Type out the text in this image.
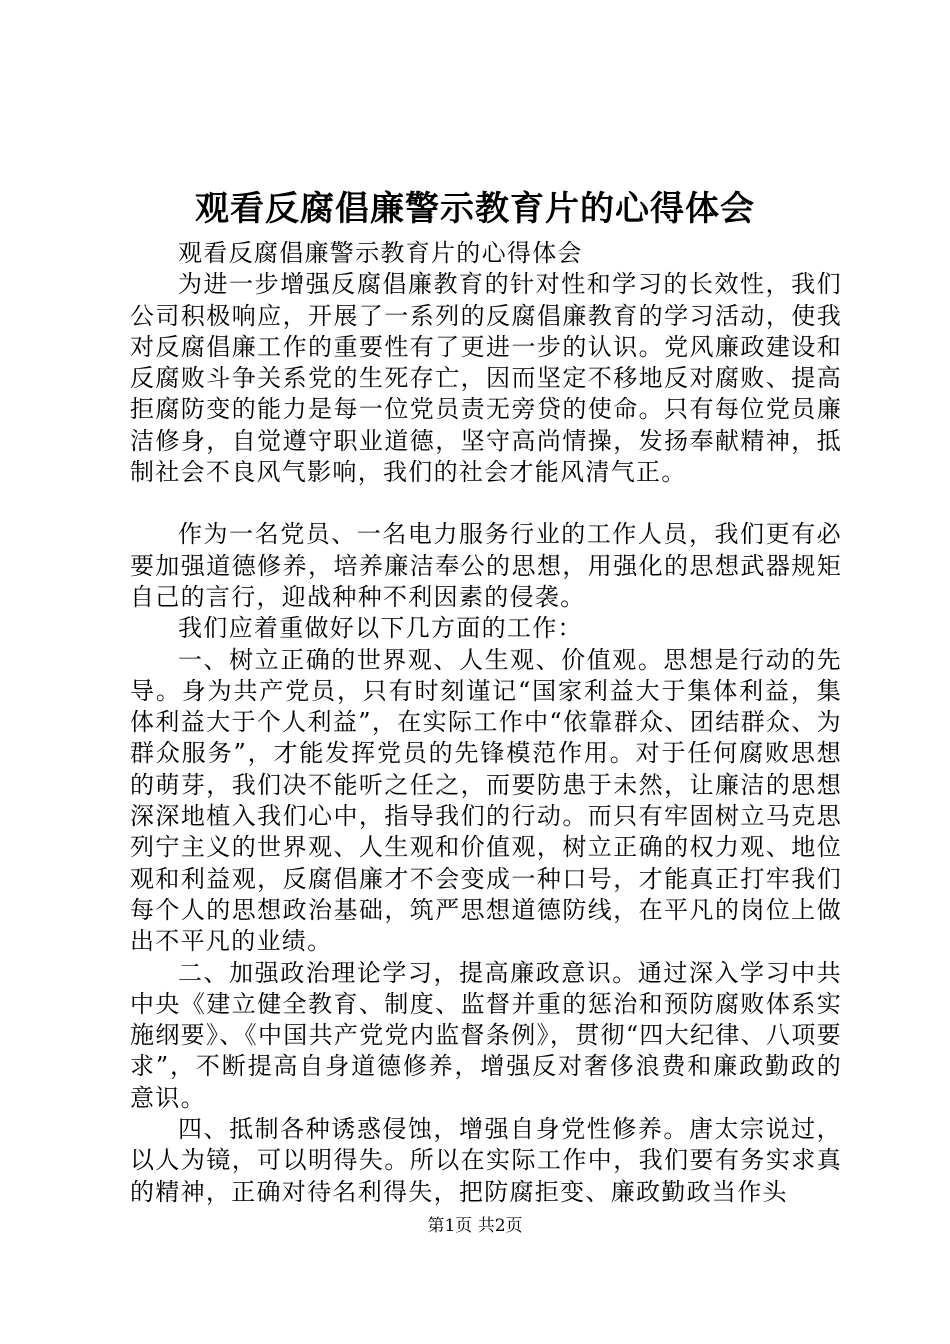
观看反腐倡廉警示教育片的心得体会

观看反腐倡廉警示教育片的心得体会

为进一步增强反腐倡廉教育的针对性和学习的长效性，我们公司积极响应，开展了一系列的反腐倡廉教育的学习活动，使我对反腐倡廉工作的重要性有了更进一步的认识。党风廉政建设和反腐败斗争关系党的生死存亡，因而坚定不移地反对腐败、提高拒腐防变的能力是每一位党员责无旁贷的使命。只有每位党员廉洁修身，自觉遵守职业道德，坚守高尚情操，发扬奉献精神，抵制社会不良风气影响，我们的社会才能风清气正。

作为一名党员、一名电力服务行业的工作人员，我们更有必要加强道德修养，培养廉洁奉公的思想，用强化的思想武器规矩自己的言行，迎战种种不利因素的侵袭。

我们应着重做好以下几方面的工作：

一、树立正确的世界观、人生观、价值观。思想是行动的先导。身为共产党员，只有时刻谨记“国家利益大于集体利益，集体利益大于个人利益”，在实际工作中“依靠群众、团结群众、为群众服务”，才能发挥党员的先锋模范作用。对于任何腐败思想的萌芽，我们决不能听之任之，而要防患于未然，让廉洁的思想深深地植入我们心中，指导我们的行动。而只有牢固树立马克思列宁主义的世界观、人生观和价值观，树立正确的权力观、地位观和利益观，反腐倡廉才不会变成一种口号，才能真正打牢我们每个人的思想政治基础，筑严思想道德防线，在平凡的岗位上做出不平凡的业绩。

二、加强政治理论学习，提高廉政意识。通过深入学习中共中央《建立健全教育、制度、监督并重的惩治和预防腐败体系实施纲要》、《中国共产党党内监督条例》，贯彻“四大纪律、八项要求”，不断提高自身道德修养，增强反对奢侈浪费和廉政勤政的意识。

四、抵制各种诱惑侵蚀，增强自身党性修养。唐太宗说过，以人为镜，可以明得失。所以在实际工作中，我们要有务实求真的精神，正确对待名利得失，把防腐拒变、廉政勤政当作头

第1页 共2页
